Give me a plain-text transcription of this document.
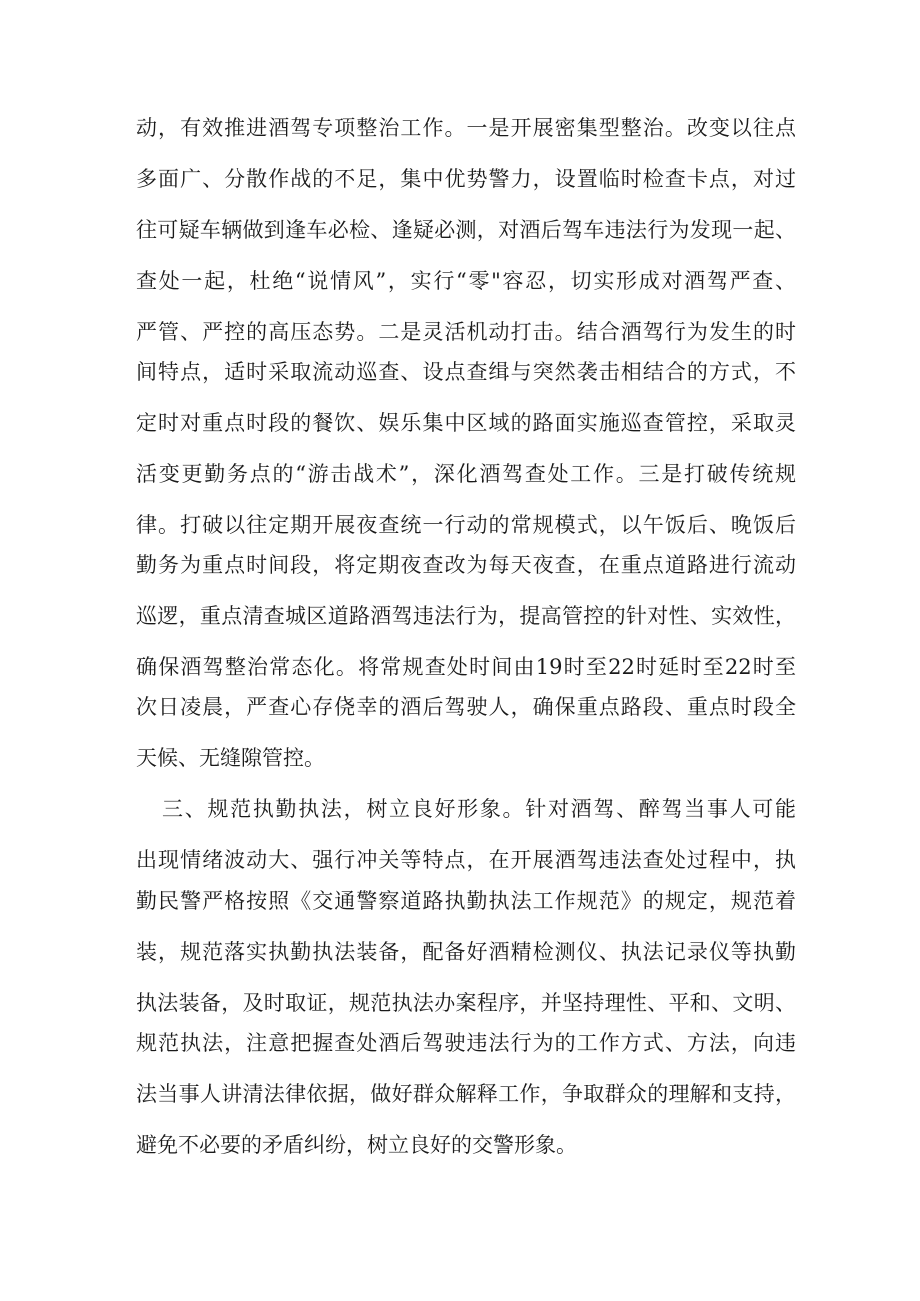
动，有效推进酒驾专项整治工作。一是开展密集型整治。改变以往点
多面广、分散作战的不足，集中优势警力，设置临时检查卡点，对过
往可疑车辆做到逢车必检、逢疑必测，对酒后驾车违法行为发现一起、
查处一起，杜绝“说情风”，实行“零"容忍，切实形成对酒驾严查、
严管、严控的高压态势。二是灵活机动打击。结合酒驾行为发生的时
间特点，适时采取流动巡查、设点查缉与突然袭击相结合的方式，不
定时对重点时段的餐饮、娱乐集中区域的路面实施巡查管控，采取灵
活变更勤务点的“游击战术”，深化酒驾查处工作。三是打破传统规
律。打破以往定期开展夜查统一行动的常规模式，以午饭后、晚饭后
勤务为重点时间段，将定期夜查改为每天夜查，在重点道路进行流动
巡逻，重点清查城区道路酒驾违法行为，提高管控的针对性、实效性，
确保酒驾整治常态化。将常规查处时间由19时至22时延时至22时至
次日凌晨，严查心存侥幸的酒后驾驶人，确保重点路段、重点时段全
天候、无缝隙管控。
三、规范执勤执法，树立良好形象。针对酒驾、醉驾当事人可能
出现情绪波动大、强行冲关等特点，在开展酒驾违法查处过程中，执
勤民警严格按照《交通警察道路执勤执法工作规范》的规定，规范着
装，规范落实执勤执法装备，配备好酒精检测仪、执法记录仪等执勤
执法装备，及时取证，规范执法办案程序，并坚持理性、平和、文明、
规范执法，注意把握查处酒后驾驶违法行为的工作方式、方法，向违
法当事人讲清法律依据，做好群众解释工作，争取群众的理解和支持，
避免不必要的矛盾纠纷，树立良好的交警形象。
